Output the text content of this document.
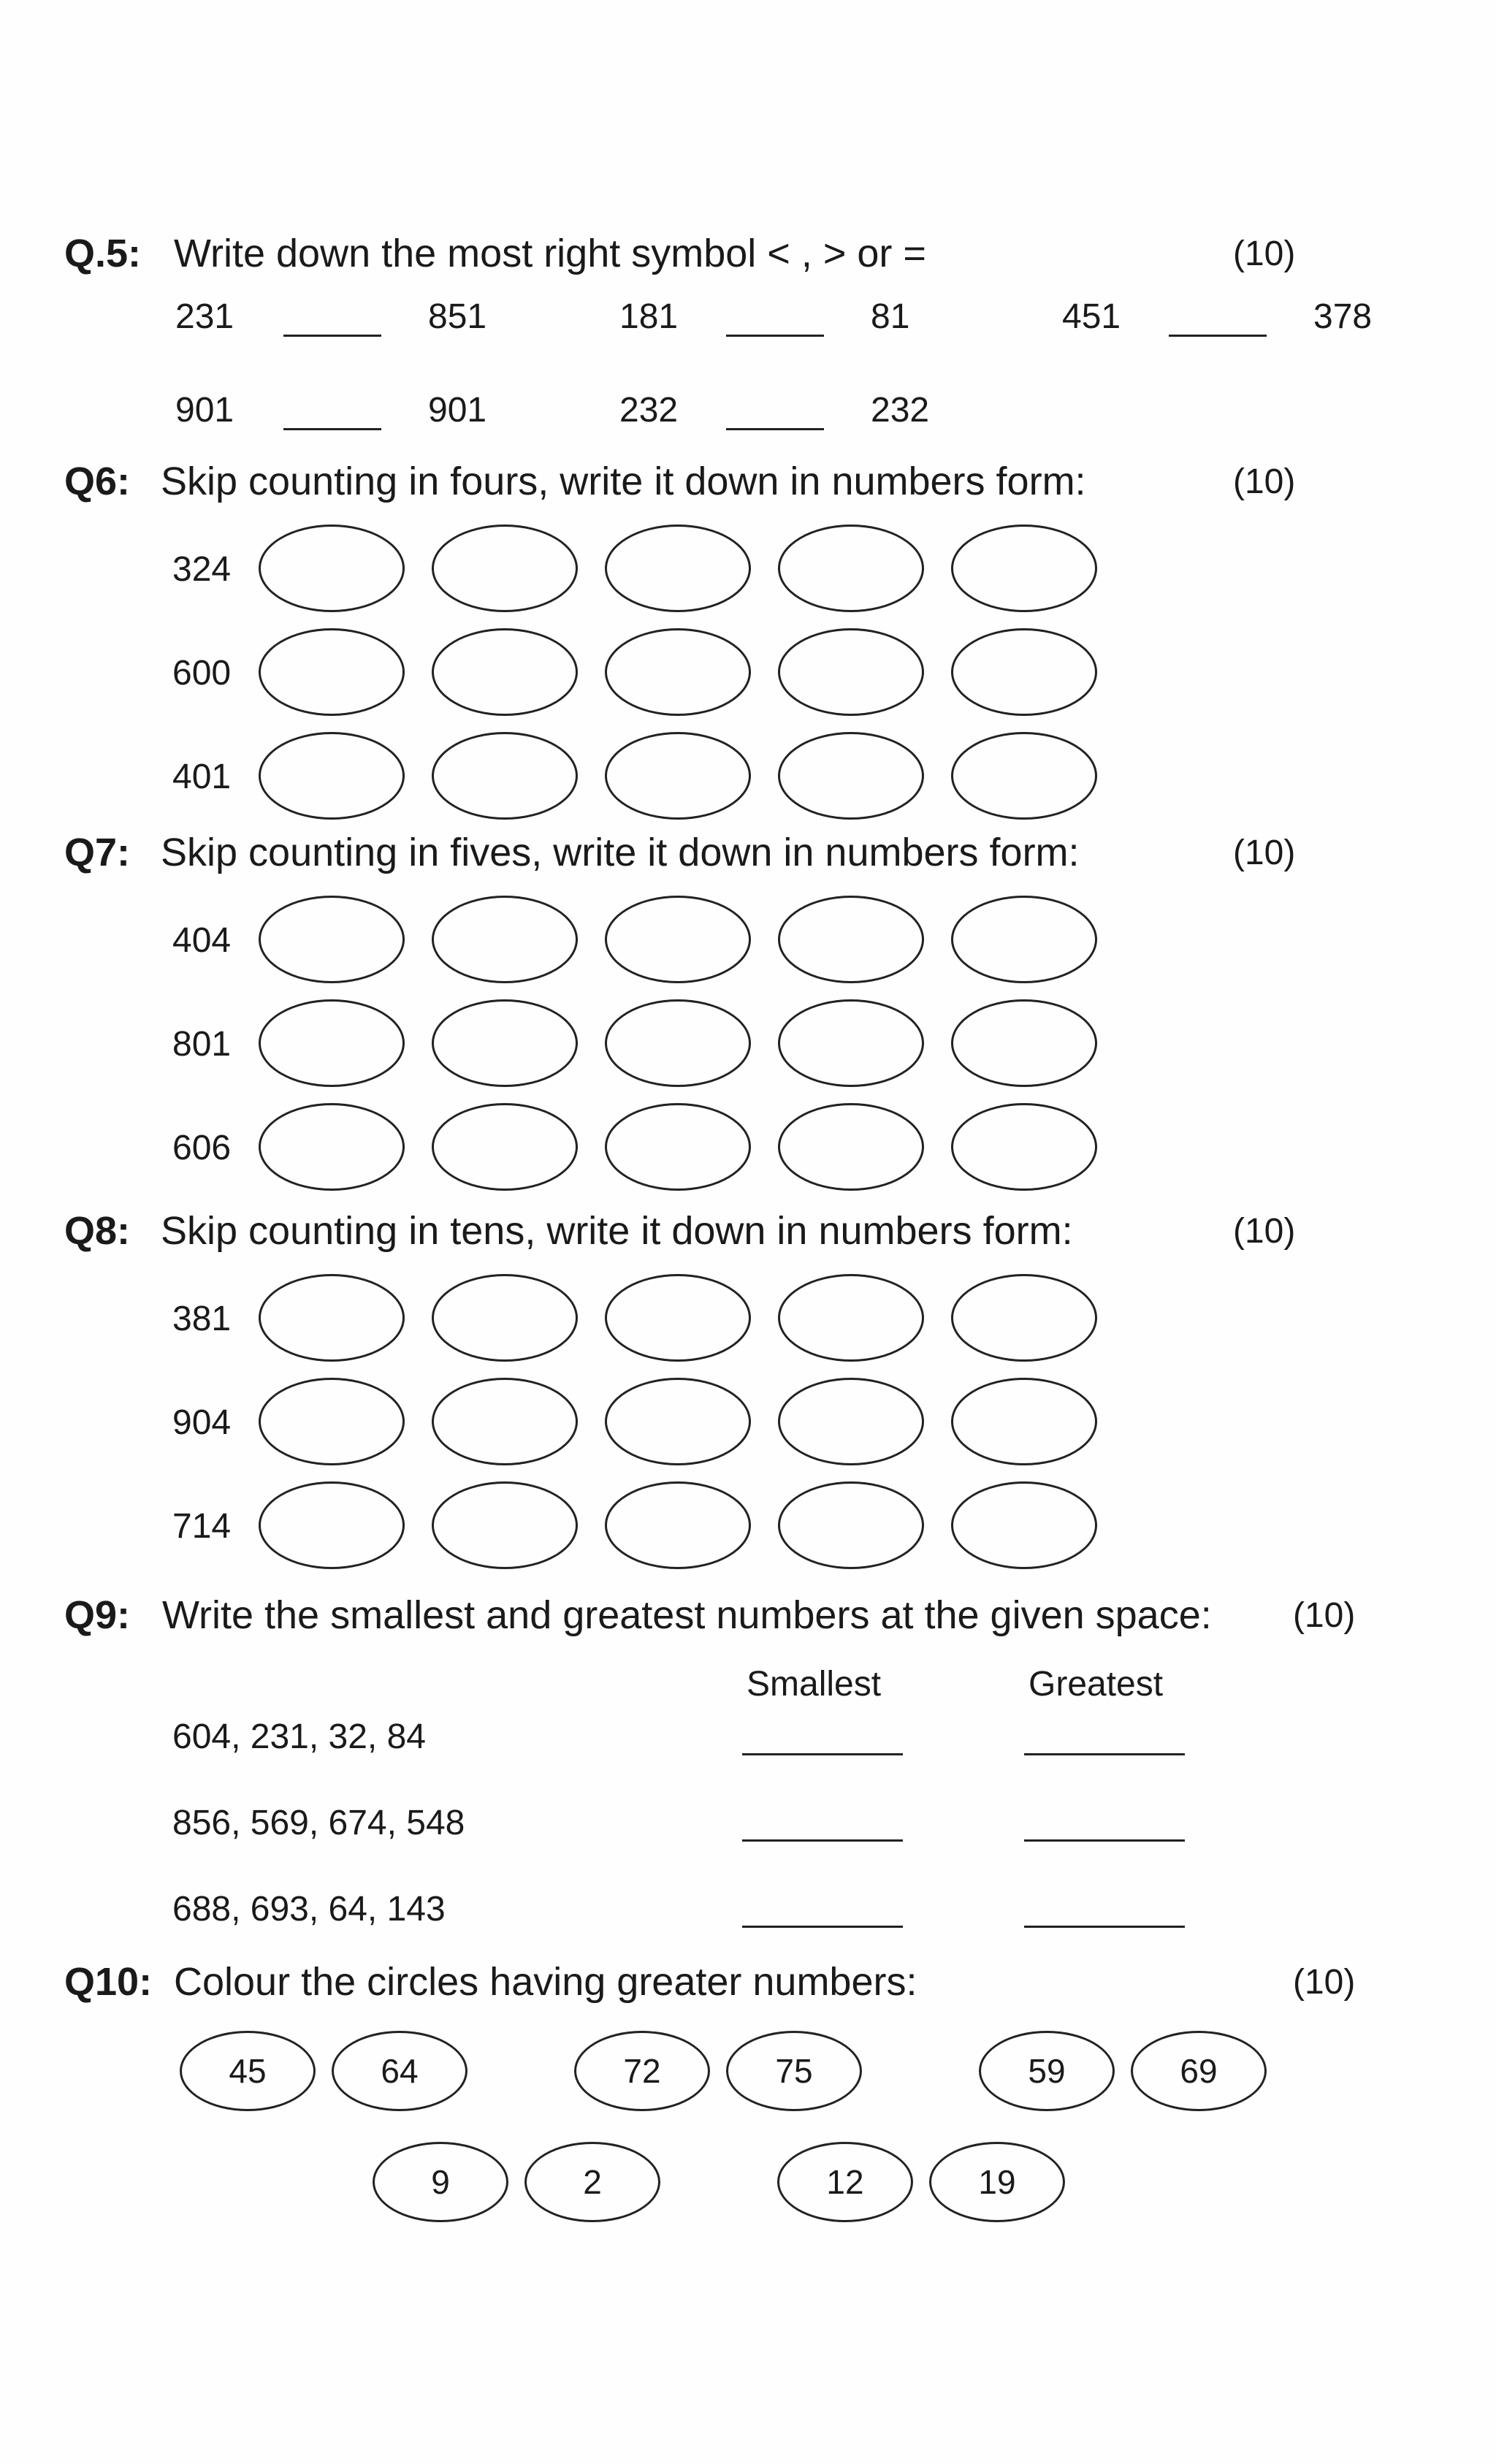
Q.5: Write down the most right symbol < , > or =	(10)
231	851	181	81	451	378
901	901	232	232
Q6: Skip counting in fours, write it down in numbers form:	(10)
324
600
401
Q7: Skip counting in fives, write it down in numbers form:	(10)
404
801
606
Q8: Skip counting in tens, write it down in numbers form:	(10)
381
904
714
Q9: Write the smallest and greatest numbers at the given space: (10)
Smallest	Greatest
604, 231, 32, 84
856, 569, 674, 548
688, 693, 64, 143
Q10: Colour the circles having greater numbers:	(10)
45	64	72	75	59	69
9	2	12	19
